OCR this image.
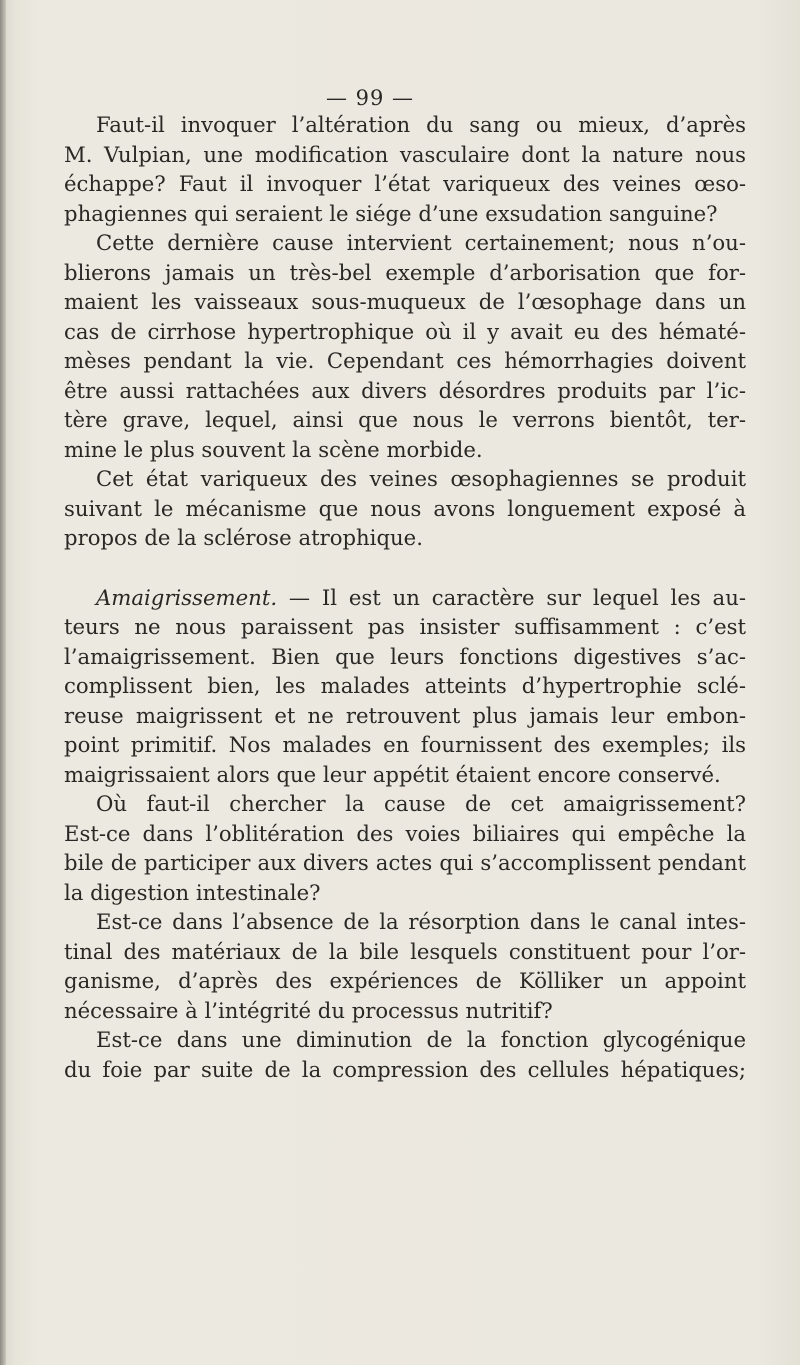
— 99 —

Faut-il invoquer l’altération du sang ou mieux, d’après

M. Vulpian, une modification vasculaire dont la nature nous

échappe? Faut il invoquer l’état variqueux des veines œso-

phagiennes qui seraient le siége d’une exsudation sanguine?

Cette dernière cause intervient certainement; nous n’ou-

blierons jamais un très-bel exemple d’arborisation que for-

maient les vaisseaux sous-muqueux de l’œsophage dans un

cas de cirrhose hypertrophique où il y avait eu des hématé-

mèses pendant la vie. Cependant ces hémorrhagies doivent

être aussi rattachées aux divers désordres produits par l’ic-

tère grave, lequel, ainsi que nous le verrons bientôt, ter-

mine le plus souvent la scène morbide.

Cet état variqueux des veines œsophagiennes se produit

suivant le mécanisme que nous avons longuement exposé à

propos de la sclérose atrophique.

Amaigrissement. — Il est un caractère sur lequel les au-

teurs ne nous paraissent pas insister suffisamment : c’est

l’amaigrissement. Bien que leurs fonctions digestives s’ac-

complissent bien, les malades atteints d’hypertrophie sclé-

reuse maigrissent et ne retrouvent plus jamais leur embon-

point primitif. Nos malades en fournissent des exemples; ils

maigrissaient alors que leur appétit étaient encore conservé.

Où faut-il chercher la cause de cet amaigrissement?

Est-ce dans l’oblitération des voies biliaires qui empêche la

bile de participer aux divers actes qui s’accomplissent pendant

la digestion intestinale?

Est-ce dans l’absence de la résorption dans le canal intes-

tinal des matériaux de la bile lesquels constituent pour l’or-

ganisme, d’après des expériences de Kölliker un appoint

nécessaire à l’intégrité du processus nutritif?

Est-ce dans une diminution de la fonction glycogénique

du foie par suite de la compression des cellules hépatiques;
